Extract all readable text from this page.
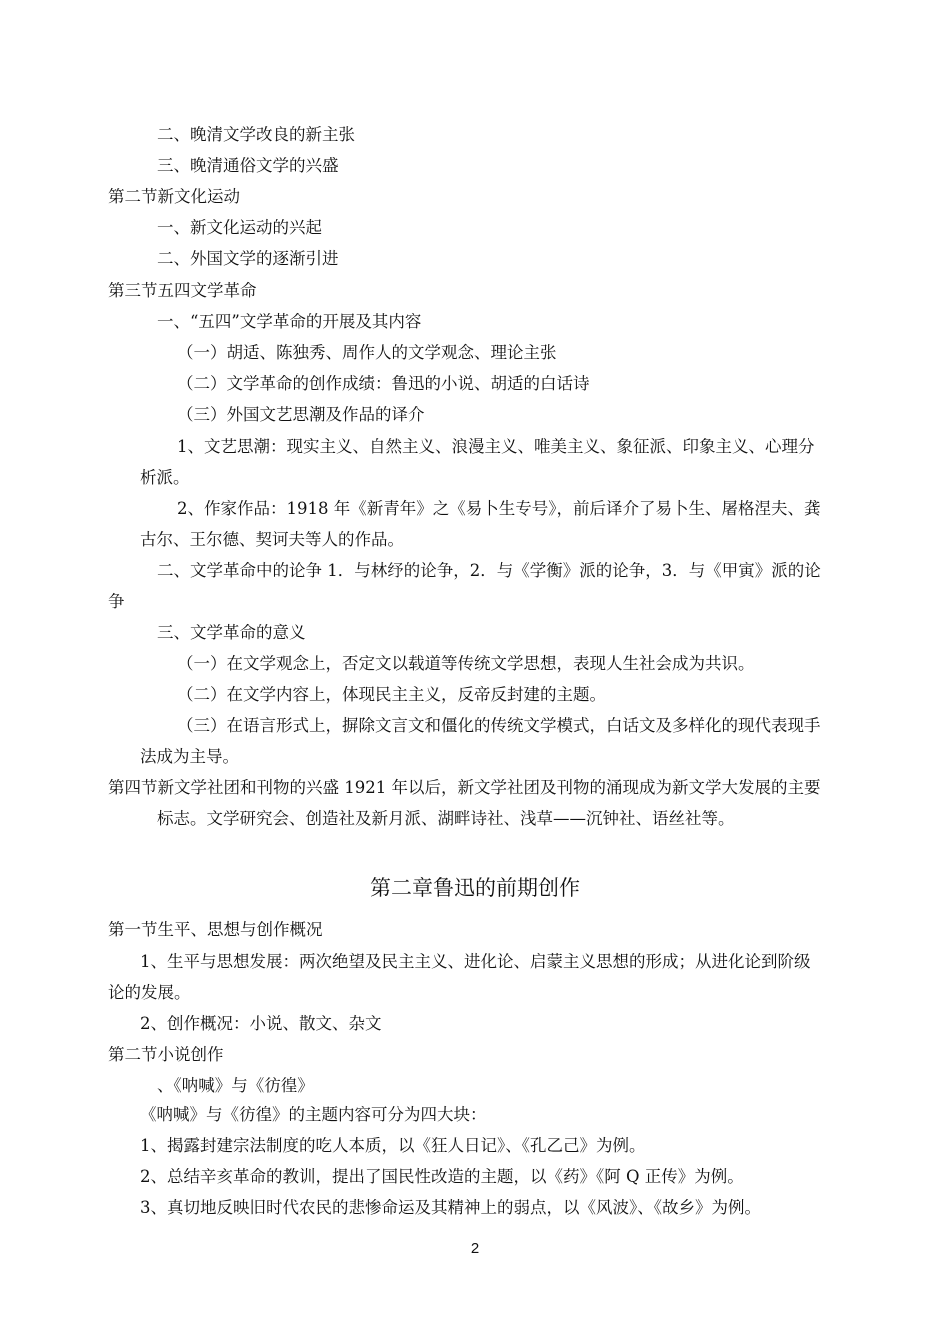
二、晚清文学改良的新主张
三、晚清通俗文学的兴盛
第二节新文化运动
一、新文化运动的兴起
二、外国文学的逐渐引进
第三节五四文学革命
一、“五四”文学革命的开展及其内容
（一）胡适、陈独秀、周作人的文学观念、理论主张
（二）文学革命的创作成绩：鲁迅的小说、胡适的白话诗
（三）外国文艺思潮及作品的译介
1、文艺思潮：现实主义、自然主义、浪漫主义、唯美主义、象征派、印象主义、心理分
析派。
2、作家作品：1918 年《新青年》之《易卜生专号》，前后译介了易卜生、屠格涅夫、龚
古尔、王尔德、契诃夫等人的作品。
二、文学革命中的论争 1．与林纾的论争，2．与《学衡》派的论争，3．与《甲寅》派的论
争
三、文学革命的意义
（一）在文学观念上，否定文以载道等传统文学思想，表现人生社会成为共识。
（二）在文学内容上，体现民主主义，反帝反封建的主题。
（三）在语言形式上，摒除文言文和僵化的传统文学模式，白话文及多样化的现代表现手
法成为主导。
第四节新文学社团和刊物的兴盛 1921 年以后，新文学社团及刊物的涌现成为新文学大发展的主要
标志。文学研究会、创造社及新月派、湖畔诗社、浅草——沉钟社、语丝社等。
第二章鲁迅的前期创作
第一节生平、思想与创作概况
1、生平与思想发展：两次绝望及民主主义、进化论、启蒙主义思想的形成；从进化论到阶级
论的发展。
2、创作概况：小说、散文、杂文
第二节小说创作
、《呐喊》与《彷徨》
《呐喊》与《彷徨》的主题内容可分为四大块：
1、揭露封建宗法制度的吃人本质，以《狂人日记》、《孔乙己》为例。
2、总结辛亥革命的教训，提出了国民性改造的主题，以《药》《阿 Q 正传》为例。
3、真切地反映旧时代农民的悲惨命运及其精神上的弱点，以《风波》、《故乡》为例。
2
